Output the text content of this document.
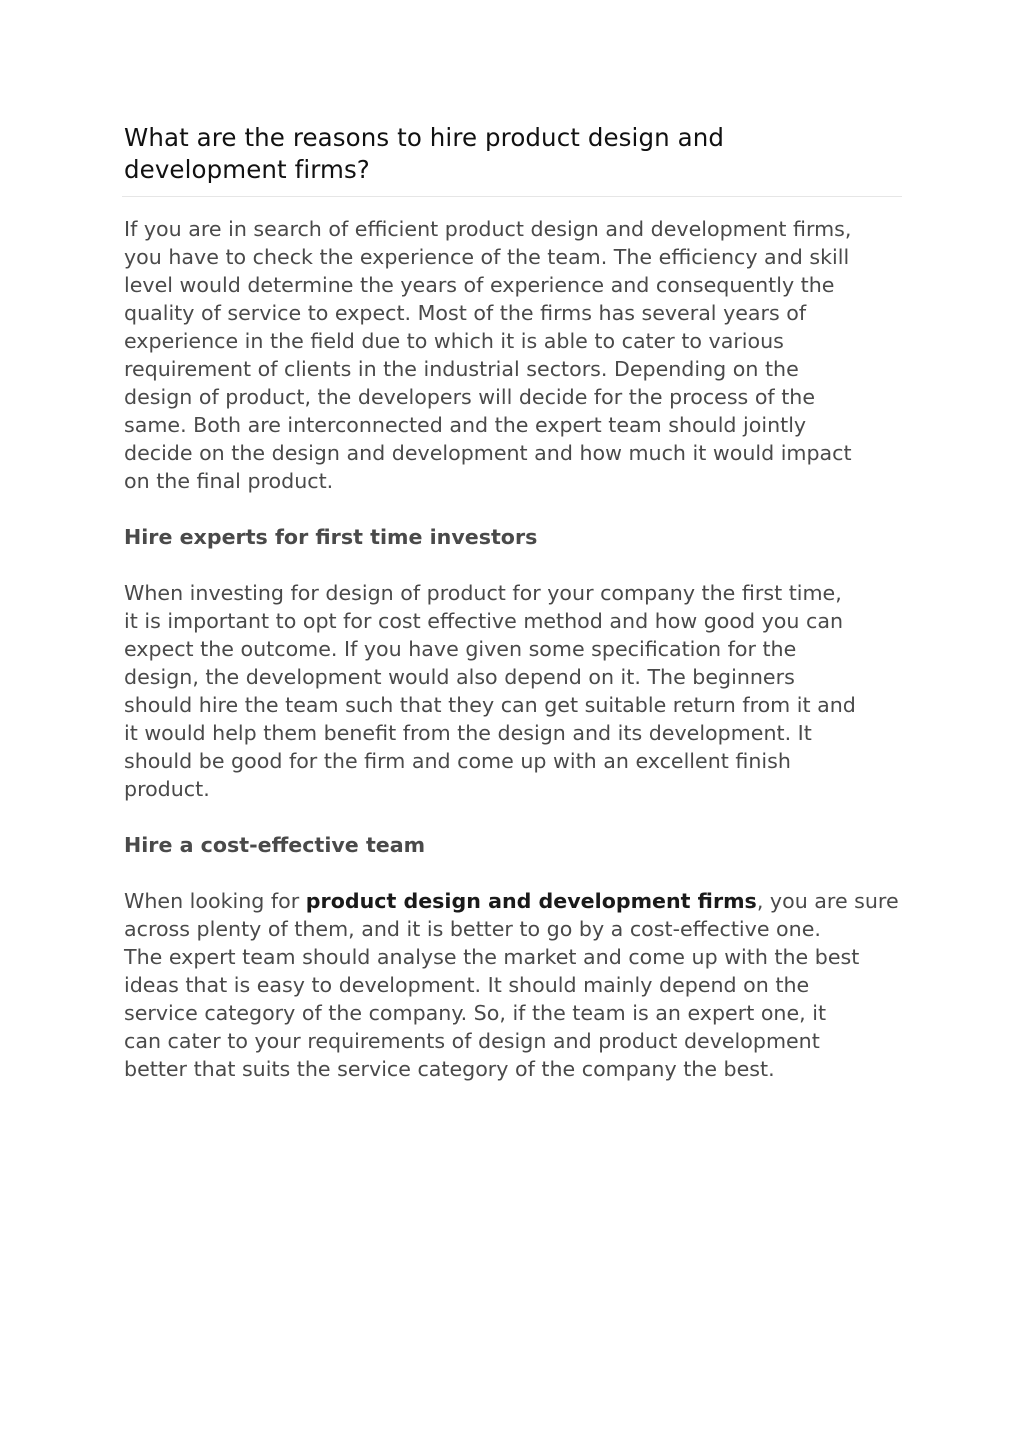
What are the reasons to hire product design and
development firms?

If you are in search of efficient product design and development firms,
you have to check the experience of the team. The efficiency and skill
level would determine the years of experience and consequently the
quality of service to expect. Most of the firms has several years of
experience in the field due to which it is able to cater to various
requirement of clients in the industrial sectors. Depending on the
design of product, the developers will decide for the process of the
same. Both are interconnected and the expert team should jointly
decide on the design and development and how much it would impact
on the final product.

Hire experts for first time investors

When investing for design of product for your company the first time,
it is important to opt for cost effective method and how good you can
expect the outcome. If you have given some specification for the
design, the development would also depend on it. The beginners
should hire the team such that they can get suitable return from it and
it would help them benefit from the design and its development. It
should be good for the firm and come up with an excellent finish
product.

Hire a cost-effective team

When looking for product design and development firms, you are sure
across plenty of them, and it is better to go by a cost-effective one.
The expert team should analyse the market and come up with the best
ideas that is easy to development. It should mainly depend on the
service category of the company. So, if the team is an expert one, it
can cater to your requirements of design and product development
better that suits the service category of the company the best.
